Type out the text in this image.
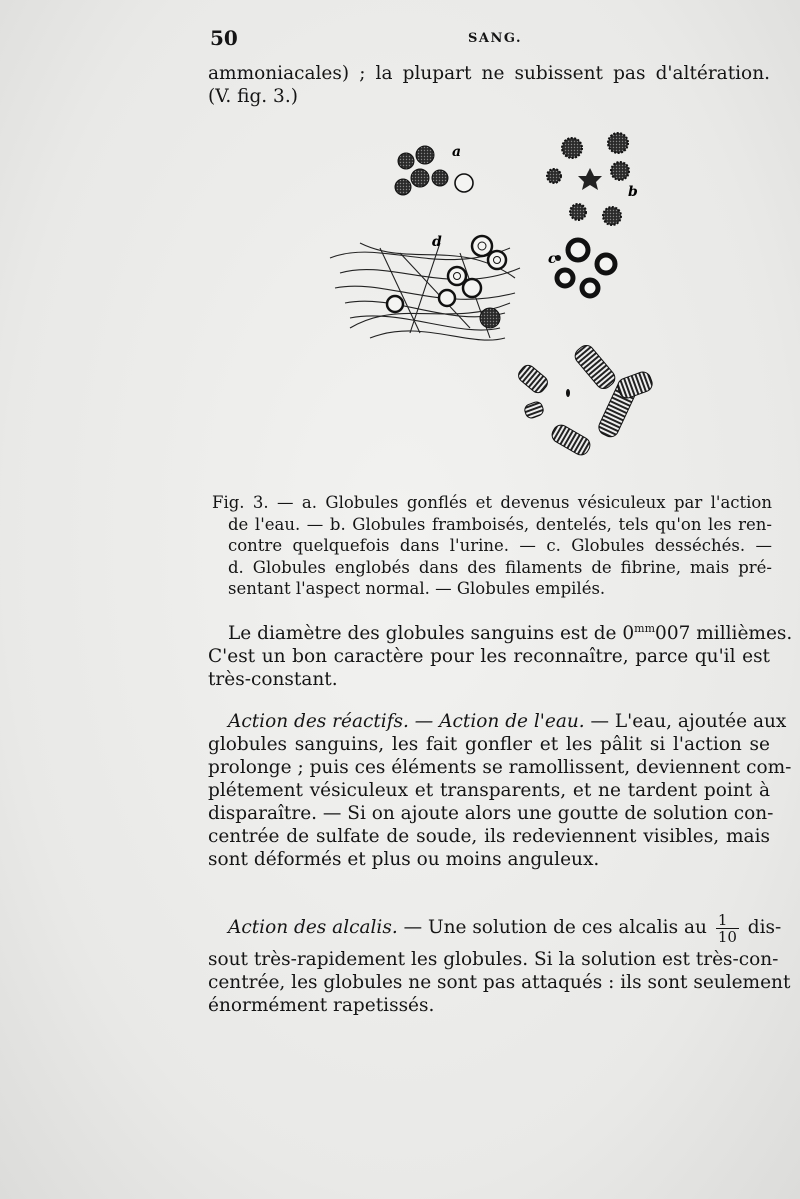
50	SANG.
ammoniacales) ; la plupart ne subissent pas d'altération.
(V. fig. 3.)
a
b
c
d
Fig. 3. — a. Globules gonflés et devenus vésiculeux par l'action
de l'eau. — b. Globules framboisés, dentelés, tels qu'on les ren-
contre quelquefois dans l'urine. — c. Globules desséchés. —
d. Globules englobés dans des filaments de fibrine, mais pré-
sentant l'aspect normal. — Globules empilés.
Le diamètre des globules sanguins est de $0^{mm}007$ millièmes.
C'est un bon caractère pour les reconnaître, parce qu'il est
très-constant.
Action des réactifs. — Action de l'eau. — L'eau, ajoutée aux
globules sanguins, les fait gonfler et les pâlit si l'action se
prolonge ; puis ces éléments se ramollissent, deviennent com-
plétement vésiculeux et transparents, et ne tardent point à
disparaître. — Si on ajoute alors une goutte de solution con-
centrée de sulfate de soude, ils redeviennent visibles, mais
sont déformés et plus ou moins anguleux.
Action des alcalis. — Une solution de ces alcalis au $\frac{1}{10} dis-$
sout très-rapidement les globules. Si la solution est très-con-
centrée, les globules ne sont pas attaqués : ils sont seulement
énormément rapetissés.
